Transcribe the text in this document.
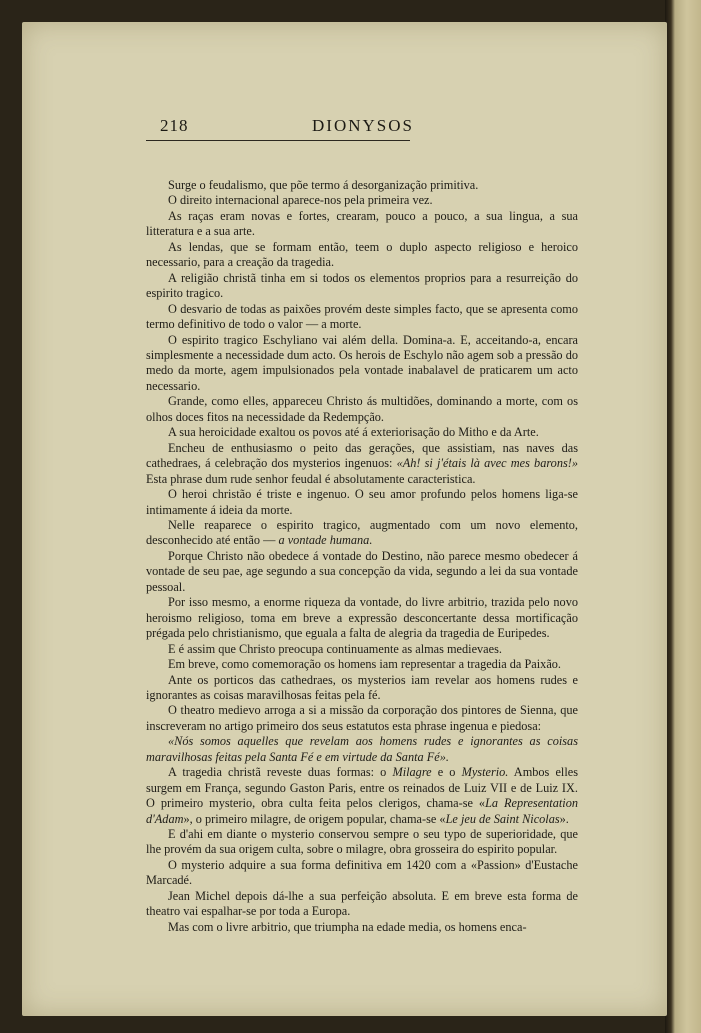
218	DIONYSOS

Surge o feudalismo, que põe termo á desorganização primitiva.

O direito internacional aparece-nos pela primeira vez.

As raças eram novas e fortes, crearam, pouco a pouco, a sua lingua, a sua litteratura e a sua arte.

As lendas, que se formam então, teem o duplo aspecto religioso e heroico necessario, para a creação da tragedia.

A religião christã tinha em si todos os elementos proprios para a resurreição do espirito tragico.

O desvario de todas as paixões provém deste simples facto, que se apresenta como termo definitivo de todo o valor — a morte.

O espirito tragico Eschyliano vai além della. Domina-a. E, acceitando-a, encara simplesmente a necessidade dum acto. Os herois de Eschylo não agem sob a pressão do medo da morte, agem impulsionados pela vontade inabalavel de praticarem um acto necessario.

Grande, como elles, appareceu Christo ás multidões, dominando a morte, com os olhos doces fitos na necessidade da Redempção.

A sua heroicidade exaltou os povos até á exteriorisação do Mitho e da Arte.

Encheu de enthusiasmo o peito das gerações, que assistiam, nas naves das cathedraes, á celebração dos mysterios ingenuos: «Ah! si j'étais là avec mes barons!» Esta phrase dum rude senhor feudal é absolutamente caracteristica.

O heroi christão é triste e ingenuo. O seu amor profundo pelos homens liga-se intimamente á ideia da morte.

Nelle reaparece o espirito tragico, augmentado com um novo elemento, desconhecido até então — a vontade humana.

Porque Christo não obedece á vontade do Destino, não parece mesmo obedecer á vontade de seu pae, age segundo a sua concepção da vida, segundo a lei da sua vontade pessoal.

Por isso mesmo, a enorme riqueza da vontade, do livre arbitrio, trazida pelo novo heroismo religioso, toma em breve a expressão desconcertante dessa mortificação prégada pelo christianismo, que eguala a falta de alegria da tragedia de Euripedes.

E é assim que Christo preocupa continuamente as almas medievaes.

Em breve, como comemoração os homens iam representar a tragedia da Paixão.

Ante os porticos das cathedraes, os mysterios iam revelar aos homens rudes e ignorantes as coisas maravilhosas feitas pela fé.

O theatro medievo arroga a si a missão da corporação dos pintores de Sienna, que inscreveram no artigo primeiro dos seus estatutos esta phrase ingenua e piedosa:

«Nós somos aquelles que revelam aos homens rudes e ignorantes as coisas maravilhosas feitas pela Santa Fé e em virtude da Santa Fé».

A tragedia christã reveste duas formas: o Milagre e o Mysterio. Ambos elles surgem em França, segundo Gaston Paris, entre os reinados de Luiz VII e de Luiz IX. O primeiro mysterio, obra culta feita pelos clerigos, chama-se «La Representation d'Adam», o primeiro milagre, de origem popular, chama-se «Le jeu de Saint Nicolas».

E d'ahi em diante o mysterio conservou sempre o seu typo de superioridade, que lhe provém da sua origem culta, sobre o milagre, obra grosseira do espirito popular.

O mysterio adquire a sua forma definitiva em 1420 com a «Passion» d'Eustache Marcadé.

Jean Michel depois dá-lhe a sua perfeição absoluta. E em breve esta forma de theatro vai espalhar-se por toda a Europa.

Mas com o livre arbitrio, que triumpha na edade media, os homens enca-
